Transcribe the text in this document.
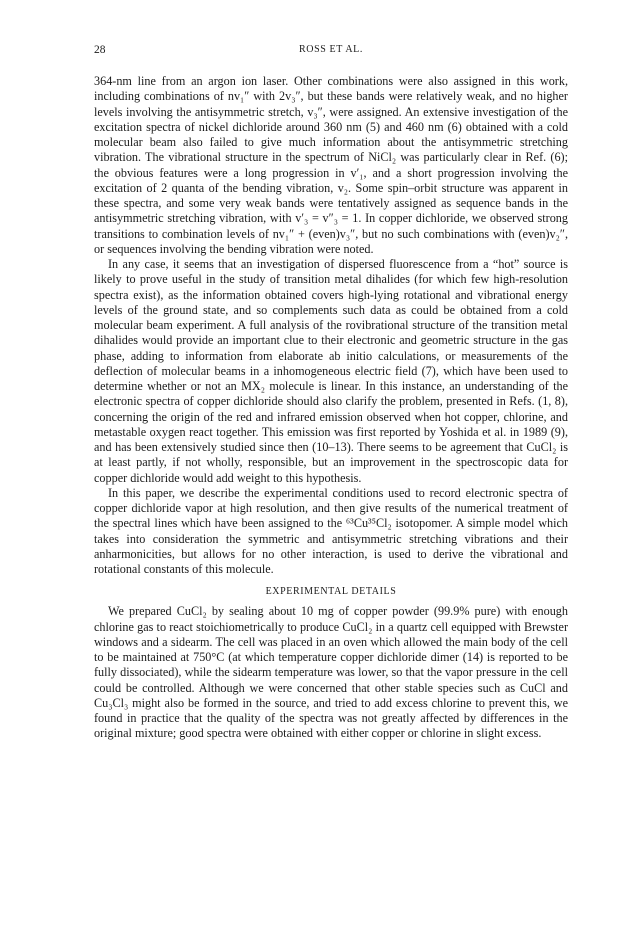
28	ROSS ET AL.

364-nm line from an argon ion laser. Other combinations were also assigned in this work, including combinations of nv₁″ with 2v₃″, but these bands were relatively weak, and no higher levels involving the antisymmetric stretch, v₃″, were assigned. An extensive investigation of the excitation spectra of nickel dichloride around 360 nm (5) and 460 nm (6) obtained with a cold molecular beam also failed to give much information about the antisymmetric stretching vibration. The vibrational structure in the spectrum of NiCl₂ was particularly clear in Ref. (6); the obvious features were a long progression in v′₁, and a short progression involving the excitation of 2 quanta of the bending vibration, v₂. Some spin–orbit structure was apparent in these spectra, and some very weak bands were tentatively assigned as sequence bands in the antisymmetric stretching vibration, with v′₃ = v″₃ = 1. In copper dichloride, we observed strong transitions to combination levels of nv₁″ + (even)v₃″, but no such combinations with (even)v₂″, or sequences involving the bending vibration were noted.

In any case, it seems that an investigation of dispersed fluorescence from a “hot” source is likely to prove useful in the study of transition metal dihalides (for which few high-resolution spectra exist), as the information obtained covers high-lying rotational and vibrational energy levels of the ground state, and so complements such data as could be obtained from a cold molecular beam experiment. A full analysis of the rovibrational structure of the transition metal dihalides would provide an important clue to their electronic and geometric structure in the gas phase, adding to information from elaborate ab initio calculations, or measurements of the deflection of molecular beams in a inhomogeneous electric field (7), which have been used to determine whether or not an MX₂ molecule is linear. In this instance, an understanding of the electronic spectra of copper dichloride should also clarify the problem, presented in Refs. (1, 8), concerning the origin of the red and infrared emission observed when hot copper, chlorine, and metastable oxygen react together. This emission was first reported by Yoshida et al. in 1989 (9), and has been extensively studied since then (10–13). There seems to be agreement that CuCl₂ is at least partly, if not wholly, responsible, but an improvement in the spectroscopic data for copper dichloride would add weight to this hypothesis.

In this paper, we describe the experimental conditions used to record electronic spectra of copper dichloride vapor at high resolution, and then give results of the numerical treatment of the spectral lines which have been assigned to the ⁶³Cu³⁵Cl₂ isotopomer. A simple model which takes into consideration the symmetric and antisymmetric stretching vibrations and their anharmonicities, but allows for no other interaction, is used to derive the vibrational and rotational constants of this molecule.

EXPERIMENTAL DETAILS

We prepared CuCl₂ by sealing about 10 mg of copper powder (99.9% pure) with enough chlorine gas to react stoichiometrically to produce CuCl₂ in a quartz cell equipped with Brewster windows and a sidearm. The cell was placed in an oven which allowed the main body of the cell to be maintained at 750°C (at which temperature copper dichloride dimer (14) is reported to be fully dissociated), while the sidearm temperature was lower, so that the vapor pressure in the cell could be controlled. Although we were concerned that other stable species such as CuCl and Cu₃Cl₃ might also be formed in the source, and tried to add excess chlorine to prevent this, we found in practice that the quality of the spectra was not greatly affected by differences in the original mixture; good spectra were obtained with either copper or chlorine in slight excess.
